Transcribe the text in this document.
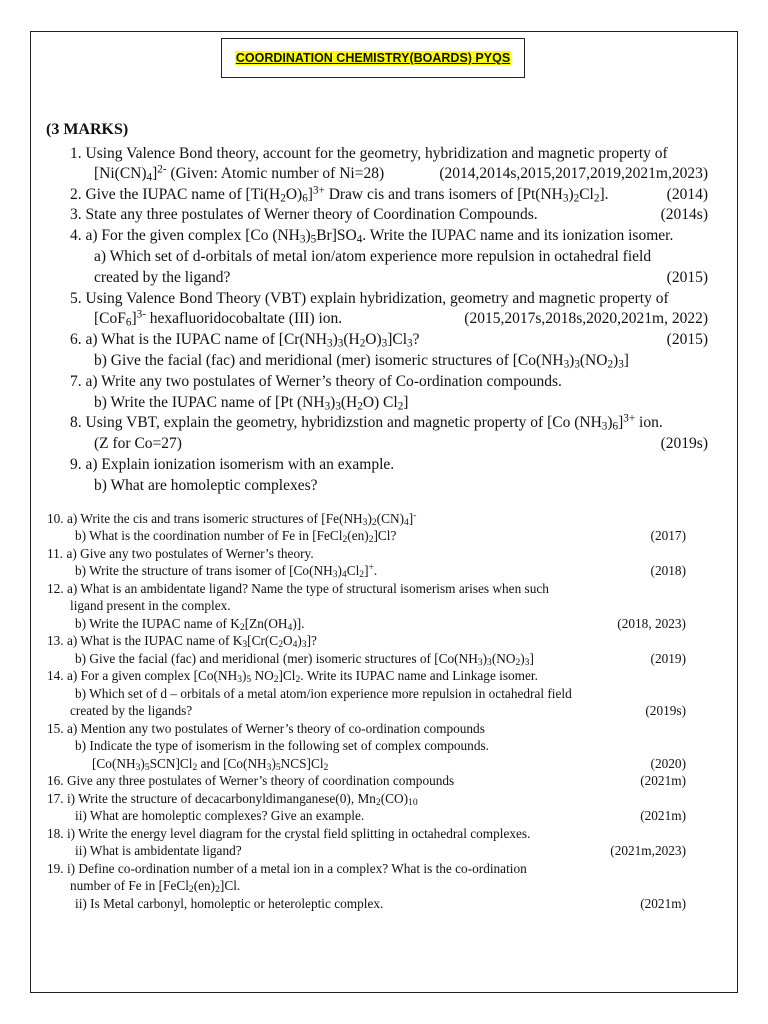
COORDINATION CHEMISTRY(BOARDS) PYQS
(3 MARKS)
1. Using Valence Bond theory, account for the geometry, hybridization and magnetic property of
$[Ni(CN)_4]^{2-}$ (Given: Atomic number of Ni=28)	(2014,2014s,2015,2017,2019,2021m,2023)
2. Give the IUPAC name of $[Ti(H_2O)_6]^{3+}$ Draw cis and trans isomers of $[Pt(NH_3)_2Cl_2]$.	(2014)
3. State any three postulates of Werner theory of Coordination Compounds.	(2014s)
4. a) For the given complex [Co $(NH_3)_5Br]SO_4$. Write the IUPAC name and its ionization isomer.
a) Which set of d-orbitals of metal ion/atom experience more repulsion in octahedral field
created by the ligand?	(2015)
5. Using Valence Bond Theory (VBT) explain hybridization, geometry and magnetic property of
$[CoF_6]^{3-}$ hexafluoridocobaltate (III) ion.	(2015,2017s,2018s,2020,2021m, 2022)
6. a) What is the IUPAC name of $[Cr(NH_3)_3(H_2O)_3]Cl_3$?	(2015)
b) Give the facial (fac) and meridional (mer) isomeric structures of $[Co(NH_3)_3(NO_2)_3]$
7. a) Write any two postulates of Werner’s theory of Co-ordination compounds.
b) Write the IUPAC name of [Pt $(NH_3)_3(H_2O)$ $Cl_2$]
8. Using VBT, explain the geometry, hybridizstion and magnetic property of [Co $(NH_3)_6]^{3+}$ ion.
(Z for Co=27)	(2019s)
9. a) Explain ionization isomerism with an example.
b) What are homoleptic complexes?
10. a) Write the cis and trans isomeric structures of $[Fe(NH_3)_2(CN)_4]^-$
b) What is the coordination number of Fe in $[FeCl_2(en)_2]Cl$?	(2017)
11. a) Give any two postulates of Werner’s theory.
b) Write the structure of trans isomer of $[Co(NH_3)_4Cl_2]^+$.	(2018)
12. a) What is an ambidentate ligand? Name the type of structural isomerism arises when such
ligand present in the complex.
b) Write the IUPAC name of $K_2[Zn(OH_4)]$.	(2018, 2023)
13. a) What is the IUPAC name of $K_3[Cr(C_2O_4)_3]$?
b) Give the facial (fac) and meridional (mer) isomeric structures of $[Co(NH_3)_3(NO_2)_3]$	(2019)
14. a) For a given complex [$Co(NH_3)_5$ $NO_2]Cl_2$. Write its IUPAC name and Linkage isomer.
b) Which set of d – orbitals of a metal atom/ion experience more repulsion in octahedral field
created by the ligands?	(2019s)
15. a) Mention any two postulates of Werner’s theory of co-ordination compounds
b) Indicate the type of isomerism in the following set of complex compounds.
$[Co(NH_3)_5SCN]Cl_2$ and $[Co(NH_3)_5NCS]Cl_2$	(2020)
16. Give any three postulates of Werner’s theory of coordination compounds	(2021m)
17. i) Write the structure of decacarbonyldimanganese(0), $Mn_2(CO)_{10}$
ii) What are homoleptic complexes? Give an example.	(2021m)
18. i) Write the energy level diagram for the crystal field splitting in octahedral complexes.
ii) What is ambidentate ligand?	(2021m,2023)
19. i) Define co-ordination number of a metal ion in a complex? What is the co-ordination
number of Fe in $[FeCl_2(en)_2]Cl$.
ii) Is Metal carbonyl, homoleptic or heteroleptic complex.	(2021m)
